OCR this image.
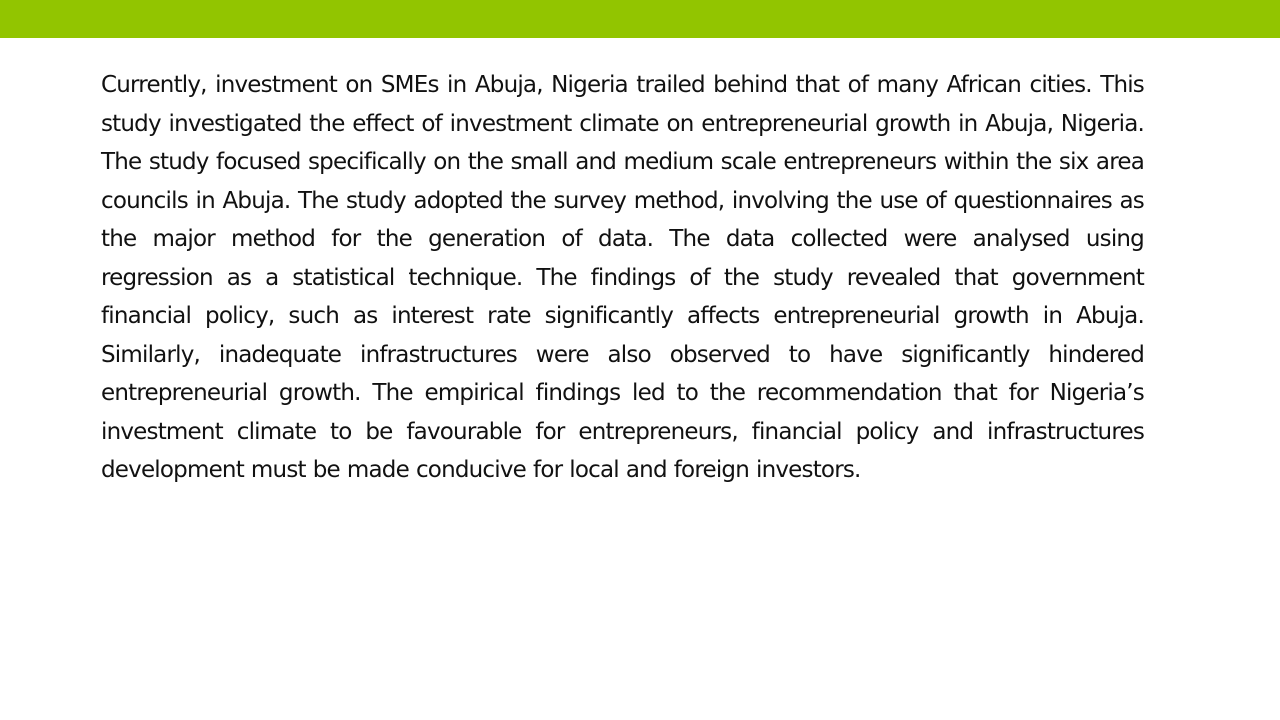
Currently, investment on SMEs in Abuja, Nigeria trailed behind that of many African cities. This study investigated the effect of investment climate on entrepreneurial growth in Abuja, Nigeria. The study focused specifically on the small and medium scale entrepreneurs within the six area councils in Abuja. The study adopted the survey method, involving the use of questionnaires as the major method for the generation of data. The data collected were analysed using regression as a statistical technique. The findings of the study revealed that government financial policy, such as interest rate significantly affects entrepreneurial growth in Abuja. Similarly, inadequate infrastructures were also observed to have significantly hindered entrepreneurial growth. The empirical findings led to the recommendation that for Nigeria’s investment climate to be favourable for entrepreneurs, financial policy and infrastructures development must be made conducive for local and foreign investors.
